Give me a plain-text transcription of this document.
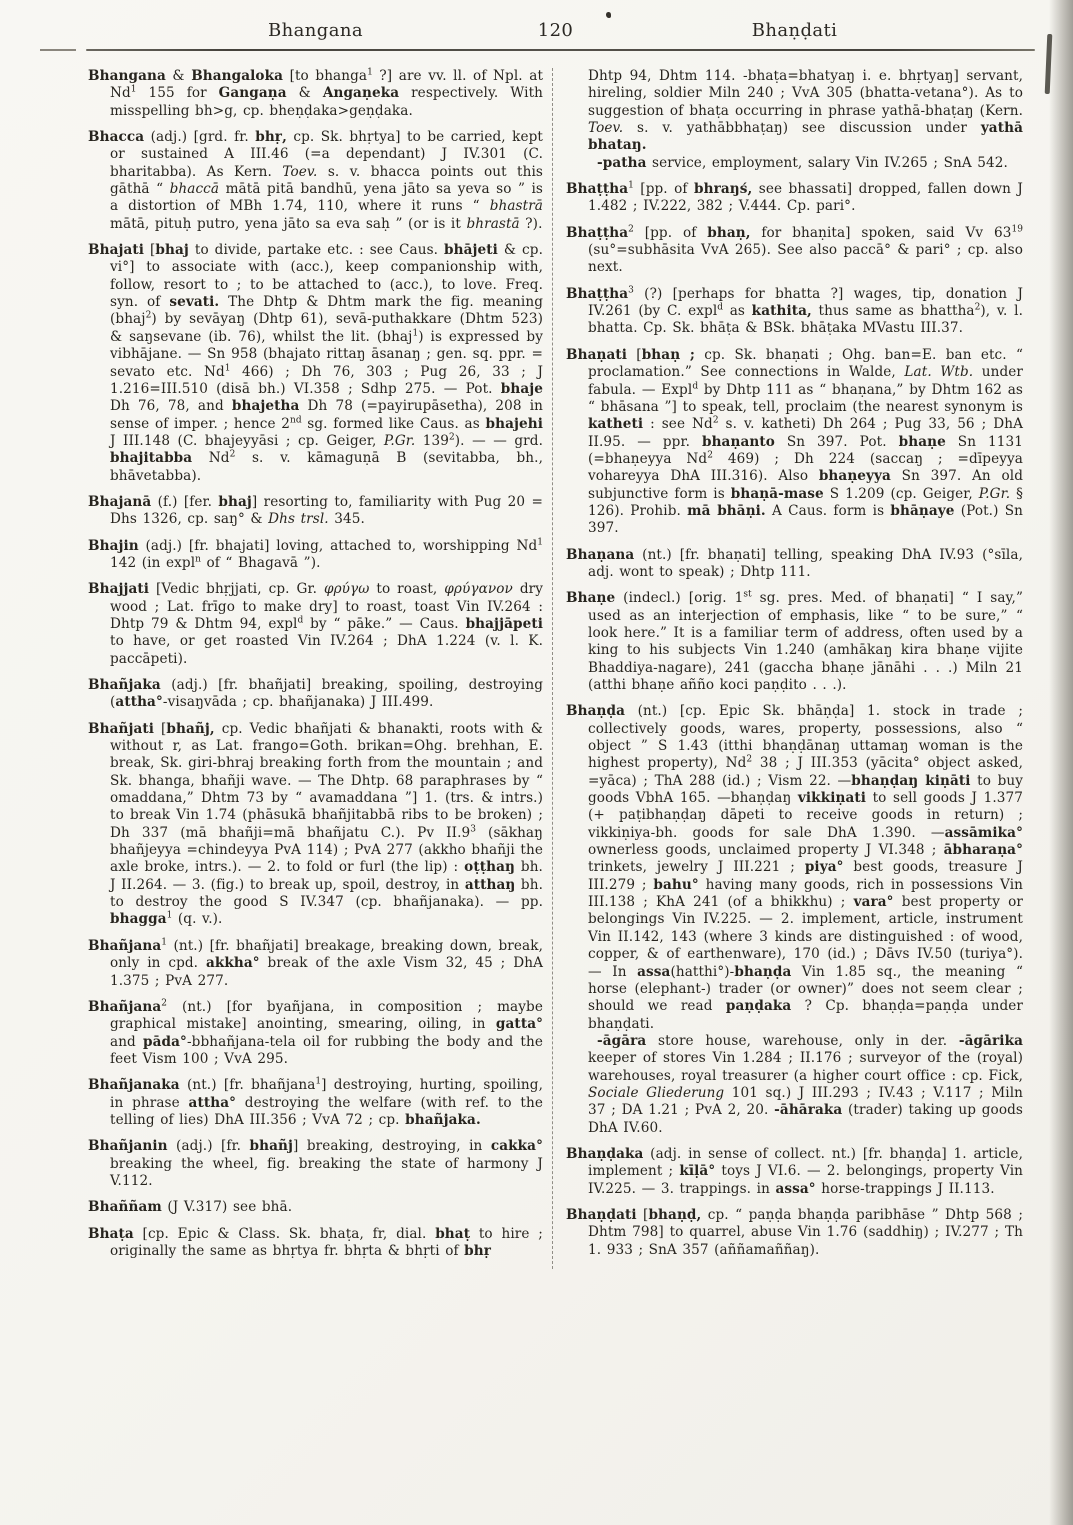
Bhangana	120	Bhaṇḍati

Bhangana & Bhangaloka [to bhanga$^1$ ?] are vv. ll. of Npl. at Nd$^1$ 155 for Gangaṇa & Angaṇeka respectively. With misspelling bh>g, cp. bheṇḍaka>geṇḍaka.

Bhacca (adj.) [grd. fr. bhṛ, cp. Sk. bhṛtya] to be carried, kept or sustained A III.46 (=a dependant) J IV.301 (C. bharitabba). As Kern. Toev. s. v. bhacca points out this gāthā “ bhaccā mātā pitā bandhū, yena jāto sa yeva so ” is a distortion of MBh 1.74, 110, where it runs “ bhastrā mātā, pituḥ putro, yena jāto sa eva saḥ ” (or is it bhrastā ?).

Bhajati [bhaj to divide, partake etc. : see Caus. bhājeti & cp. vi°] to associate with (acc.), keep companionship with, follow, resort to ; to be attached to (acc.), to love. Freq. syn. of sevati. The Dhtp & Dhtm mark the fig. meaning (bhaj$^2$) by sevāyaŋ (Dhtp 61), sevā-puthakkare (Dhtm 523) & saŋsevane (ib. 76), whilst the lit. (bhaj$^1$) is expressed by vibhājane. — Sn 958 (bhajato rittaŋ āsanaŋ ; gen. sq. ppr. = sevato etc. Nd$^1$ 466) ; Dh 76, 303 ; Pug 26, 33 ; J 1.216=III.510 (disā bh.) VI.358 ; Sdhp 275. — Pot. bhaje Dh 76, 78, and bhajetha Dh 78 (=payirupāsetha), 208 in sense of imper. ; hence 2nd sg. formed like Caus. as bhajehi J III.148 (C. bhajeyyāsi ; cp. Geiger, P.Gr. $139^2$). — — grd. bhajitabba Nd$^2$ s. v. kāmaguṇā B (sevitabba, bh., bhāvetabba).

Bhajanā (f.) [fer. bhaj] resorting to, familiarity with Pug 20 = Dhs 1326, cp. saŋ° & Dhs trsl. 345.

Bhajin (adj.) [fr. bhajati] loving, attached to, worshipping Nd$^1$ 142 (in expl$^n$ of “ Bhagavā ”).

Bhajjati [Vedic bhṛjjati, cp. Gr. φρύγω to roast, φρύγανον dry wood ; Lat. frīgo to make dry] to roast, toast Vin IV.264 : Dhtp 79 & Dhtm 94, expl$^d$ by “ pāke.” — Caus. bhajjāpeti to have, or get roasted Vin IV.264 ; DhA 1.224 (v. l. K. paccāpeti).

Bhañjaka (adj.) [fr. bhañjati] breaking, spoiling, destroying (attha°-visaŋvāda ; cp. bhañjanaka) J III.499.

Bhañjati [bhañj, cp. Vedic bhañjati & bhanakti, roots with & without r, as Lat. frango=Goth. brikan=Ohg. brehhan, E. break, Sk. giri-bhraj breaking forth from the mountain ; and Sk. bhanga, bhañji wave. — The Dhtp. 68 paraphrases by “ omaddana,” Dhtm 73 by “ avamaddana ”] 1. (trs. & intrs.) to break Vin 1.74 (phāsukā bhañjitabbā ribs to be broken) ; Dh 337 (mā bhañji=mā bhañjatu C.). Pv $II.9^3$ (sākhaŋ bhañjeyya =chindeyya PvA 114) ; PvA 277 (akkho bhañji the axle broke, intrs.). — 2. to fold or furl (the lip) : oṭṭhaŋ bh. J II.264. — 3. (fig.) to break up, spoil, destroy, in atthaŋ bh. to destroy the good S IV.347 (cp. bhañjanaka). — pp. bhagga$^1$ (q. v.).

Bhañjana$^1$ (nt.) [fr. bhañjati] breakage, breaking down, break, only in cpd. akkha° break of the axle Vism 32, 45 ; DhA 1.375 ; PvA 277.

Bhañjana$^2$ (nt.) [for byañjana, in composition ; maybe graphical mistake] anointing, smearing, oiling, in gatta° and pāda°-bbhañjana-tela oil for rubbing the body and the feet Vism 100 ; VvA 295.

Bhañjanaka (nt.) [fr. bhañjana$^1$] destroying, hurting, spoiling, in phrase attha° destroying the welfare (with ref. to the telling of lies) DhA III.356 ; VvA 72 ; cp. bhañjaka.

Bhañjanin (adj.) [fr. bhañj] breaking, destroying, in cakka° breaking the wheel, fig. breaking the state of harmony J V.112.

Bhaññam (J V.317) see bhā.

Bhaṭa [cp. Epic & Class. Sk. bhaṭa, fr, dial. bhaṭ to hire ; originally the same as bhṛtya fr. bhṛta & bhṛti of bhṛ

Dhtp 94, Dhtm 114. -bhaṭa=bhatyaŋ i. e. bhṛtyaŋ] servant, hireling, soldier Miln 240 ; VvA 305 (bhatta-vetana°). As to suggestion of bhaṭa occurring in phrase yathā-bhaṭaŋ (Kern. Toev. s. v. yathābbhaṭaŋ) see discussion under yathā bhataŋ.

-patha service, employment, salary Vin IV.265 ; SnA 542.

Bhaṭṭha$^1$ [pp. of bhraŋś, see bhassati] dropped, fallen down J 1.482 ; IV.222, 382 ; V.444. Cp. pari°.

Bhaṭṭha$^2$ [pp. of bhaṇ, for bhaṇita] spoken, said Vv $63^{19}$ (su°=subhāsita VvA 265). See also paccā° & pari° ; cp. also next.

Bhaṭṭha$^3$ (?) [perhaps for bhatta ?] wages, tip, donation J IV.261 (by C. expl$^d$ as kathita, thus same as bhattha$^2$), v. l. bhatta. Cp. Sk. bhāṭa & BSk. bhāṭaka MVastu III.37.

Bhaṇati [bhaṇ ; cp. Sk. bhaṇati ; Ohg. ban=E. ban etc. “ proclamation.” See connections in Walde, Lat. Wtb. under fabula. — Expl$^d$ by Dhtp 111 as “ bhaṇana,” by Dhtm 162 as “ bhāsana ”] to speak, tell, proclaim (the nearest synonym is katheti : see Nd$^2$ s. v. katheti) Dh 264 ; Pug 33, 56 ; DhA II.95. — ppr. bhaṇanto Sn 397. Pot. bhaṇe Sn 1131 (=bhaṇeyya Nd$^2$ 469) ; Dh 224 (saccaŋ ; =dīpeyya vohareyya DhA III.316). Also bhaṇeyya Sn 397. An old subjunctive form is bhaṇā-mase S 1.209 (cp. Geiger, P.Gr. § 126). Prohib. mā bhāṇi. A Caus. form is bhāṇaye (Pot.) Sn 397.

Bhaṇana (nt.) [fr. bhaṇati] telling, speaking DhA IV.93 (°sīla, adj. wont to speak) ; Dhtp 111.

Bhaṇe (indecl.) [orig. 1st sg. pres. Med. of bhaṇati] “ I say,” used as an interjection of emphasis, like “ to be sure,” “ look here.” It is a familiar term of address, often used by a king to his subjects Vin 1.240 (amhākaŋ kira bhaṇe vijite Bhaddiya-nagare), 241 (gaccha bhaṇe jānāhi . . .) Miln 21 (atthi bhaṇe añño koci paṇḍito . . .).

Bhaṇḍa (nt.) [cp. Epic Sk. bhāṇḍa] 1. stock in trade ; collectively goods, wares, property, possessions, also “ object ” S 1.43 (itthi bhaṇḍānaŋ uttamaŋ woman is the highest property), Nd$^2$ 38 ; J III.353 (yācita° object asked, =yāca) ; ThA 288 (id.) ; Vism 22. —bhaṇḍaŋ kiṇāti to buy goods VbhA 165. —bhaṇḍaŋ vikkiṇati to sell goods J 1.377 (+ paṭibhaṇḍaŋ dāpeti to receive goods in return) ; vikkiṇiya-bh. goods for sale DhA 1.390. —assāmika° ownerless goods, unclaimed property J VI.348 ; ābharaṇa° trinkets, jewelry J III.221 ; piya° best goods, treasure J III.279 ; bahu° having many goods, rich in possessions Vin III.138 ; KhA 241 (of a bhikkhu) ; vara° best property or belongings Vin IV.225. — 2. implement, article, instrument Vin II.142, 143 (where 3 kinds are distinguished : of wood, copper, & of earthenware), 170 (id.) ; Dāvs IV.50 (turiya°). — In assa(hatthi°)-bhaṇḍa Vin 1.85 sq., the meaning “ horse (elephant-) trader (or owner)” does not seem clear ; should we read paṇḍaka ? Cp. bhaṇḍa=paṇḍa under bhaṇḍati.

-āgāra store house, warehouse, only in der. -āgārika keeper of stores Vin 1.284 ; II.176 ; surveyor of the (royal) warehouses, royal treasurer (a higher court office : cp. Fick, Sociale Gliederung 101 sq.) J III.293 ; IV.43 ; V.117 ; Miln 37 ; DA 1.21 ; PvA 2, 20. -āhāraka (trader) taking up goods DhA IV.60.

Bhaṇḍaka (adj. in sense of collect. nt.) [fr. bhaṇḍa] 1. article, implement ; kīḷā° toys J VI.6. — 2. belongings, property Vin IV.225. — 3. trappings. in assa° horse-trappings J II.113.

Bhaṇḍati [bhaṇḍ, cp. “ paṇḍa bhaṇḍa paribhāse ” Dhtp 568 ; Dhtm 798] to quarrel, abuse Vin 1.76 (saddhiŋ) ; IV.277 ; Th 1. 933 ; SnA 357 (aññamaññaŋ).
